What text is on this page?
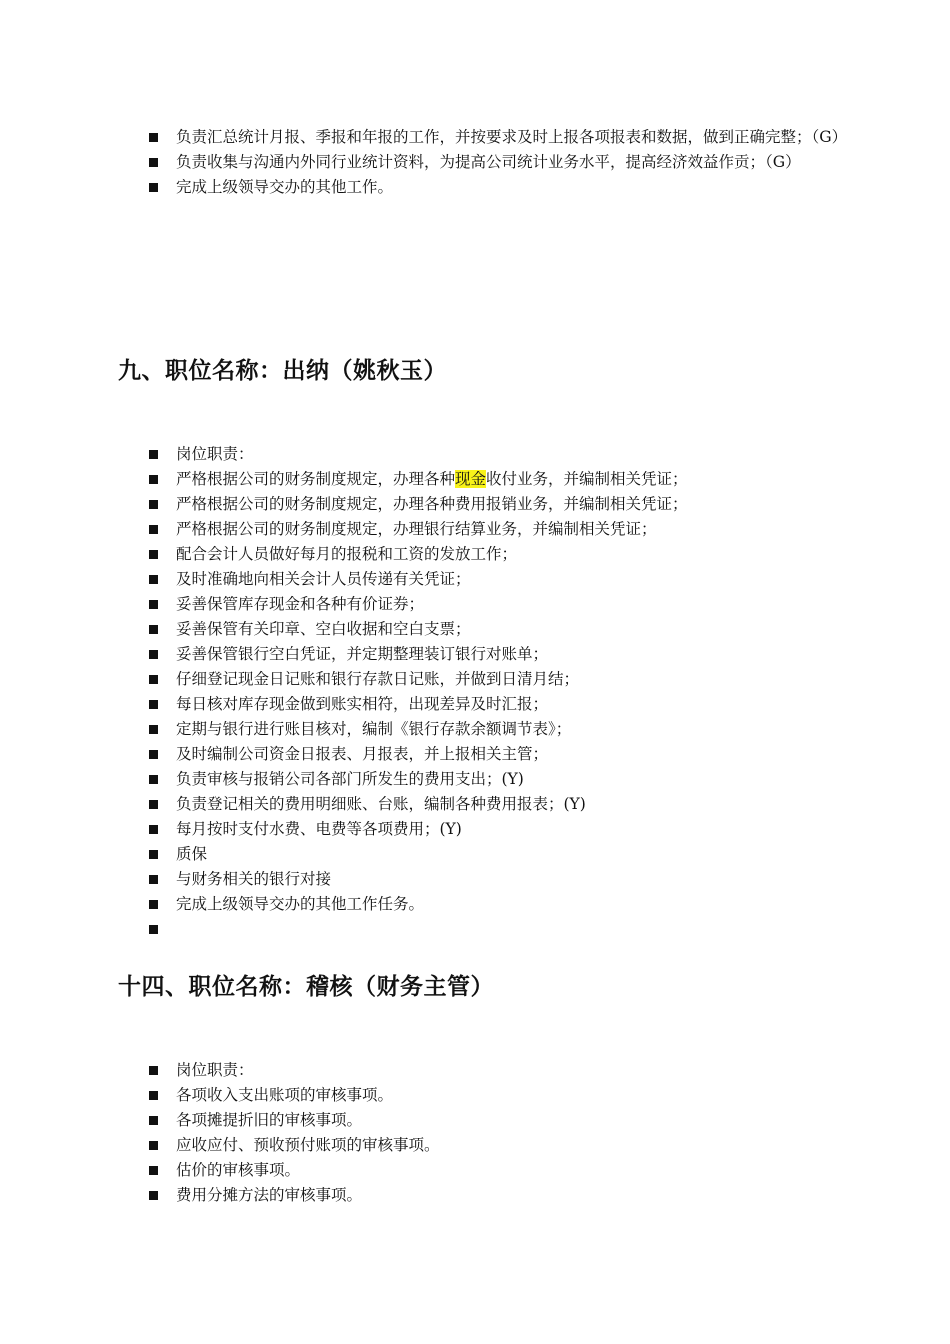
负责汇总统计月报、季报和年报的工作，并按要求及时上报各项报表和数据，做到正确完整；（G）
负责收集与沟通内外同行业统计资料，为提高公司统计业务水平，提高经济效益作贡；（G）
完成上级领导交办的其他工作。
九、职位名称：出纳（姚秋玉）
岗位职责：
严格根据公司的财务制度规定，办理各种现金收付业务，并编制相关凭证；
严格根据公司的财务制度规定，办理各种费用报销业务，并编制相关凭证；
严格根据公司的财务制度规定，办理银行结算业务，并编制相关凭证；
配合会计人员做好每月的报税和工资的发放工作；
及时准确地向相关会计人员传递有关凭证；
妥善保管库存现金和各种有价证券；
妥善保管有关印章、空白收据和空白支票；
妥善保管银行空白凭证，并定期整理装订银行对账单；
仔细登记现金日记账和银行存款日记账，并做到日清月结；
每日核对库存现金做到账实相符，出现差异及时汇报；
定期与银行进行账目核对，编制《银行存款余额调节表》；
及时编制公司资金日报表、月报表，并上报相关主管；
负责审核与报销公司各部门所发生的费用支出；(Y)
负责登记相关的费用明细账、台账，编制各种费用报表；(Y)
每月按时支付水费、电费等各项费用；(Y)
质保
与财务相关的银行对接
完成上级领导交办的其他工作任务。
十四、职位名称：稽核（财务主管）
岗位职责：
各项收入支出账项的审核事项。
各项摊提折旧的审核事项。
应收应付、预收预付账项的审核事项。
估价的审核事项。
费用分摊方法的审核事项。
